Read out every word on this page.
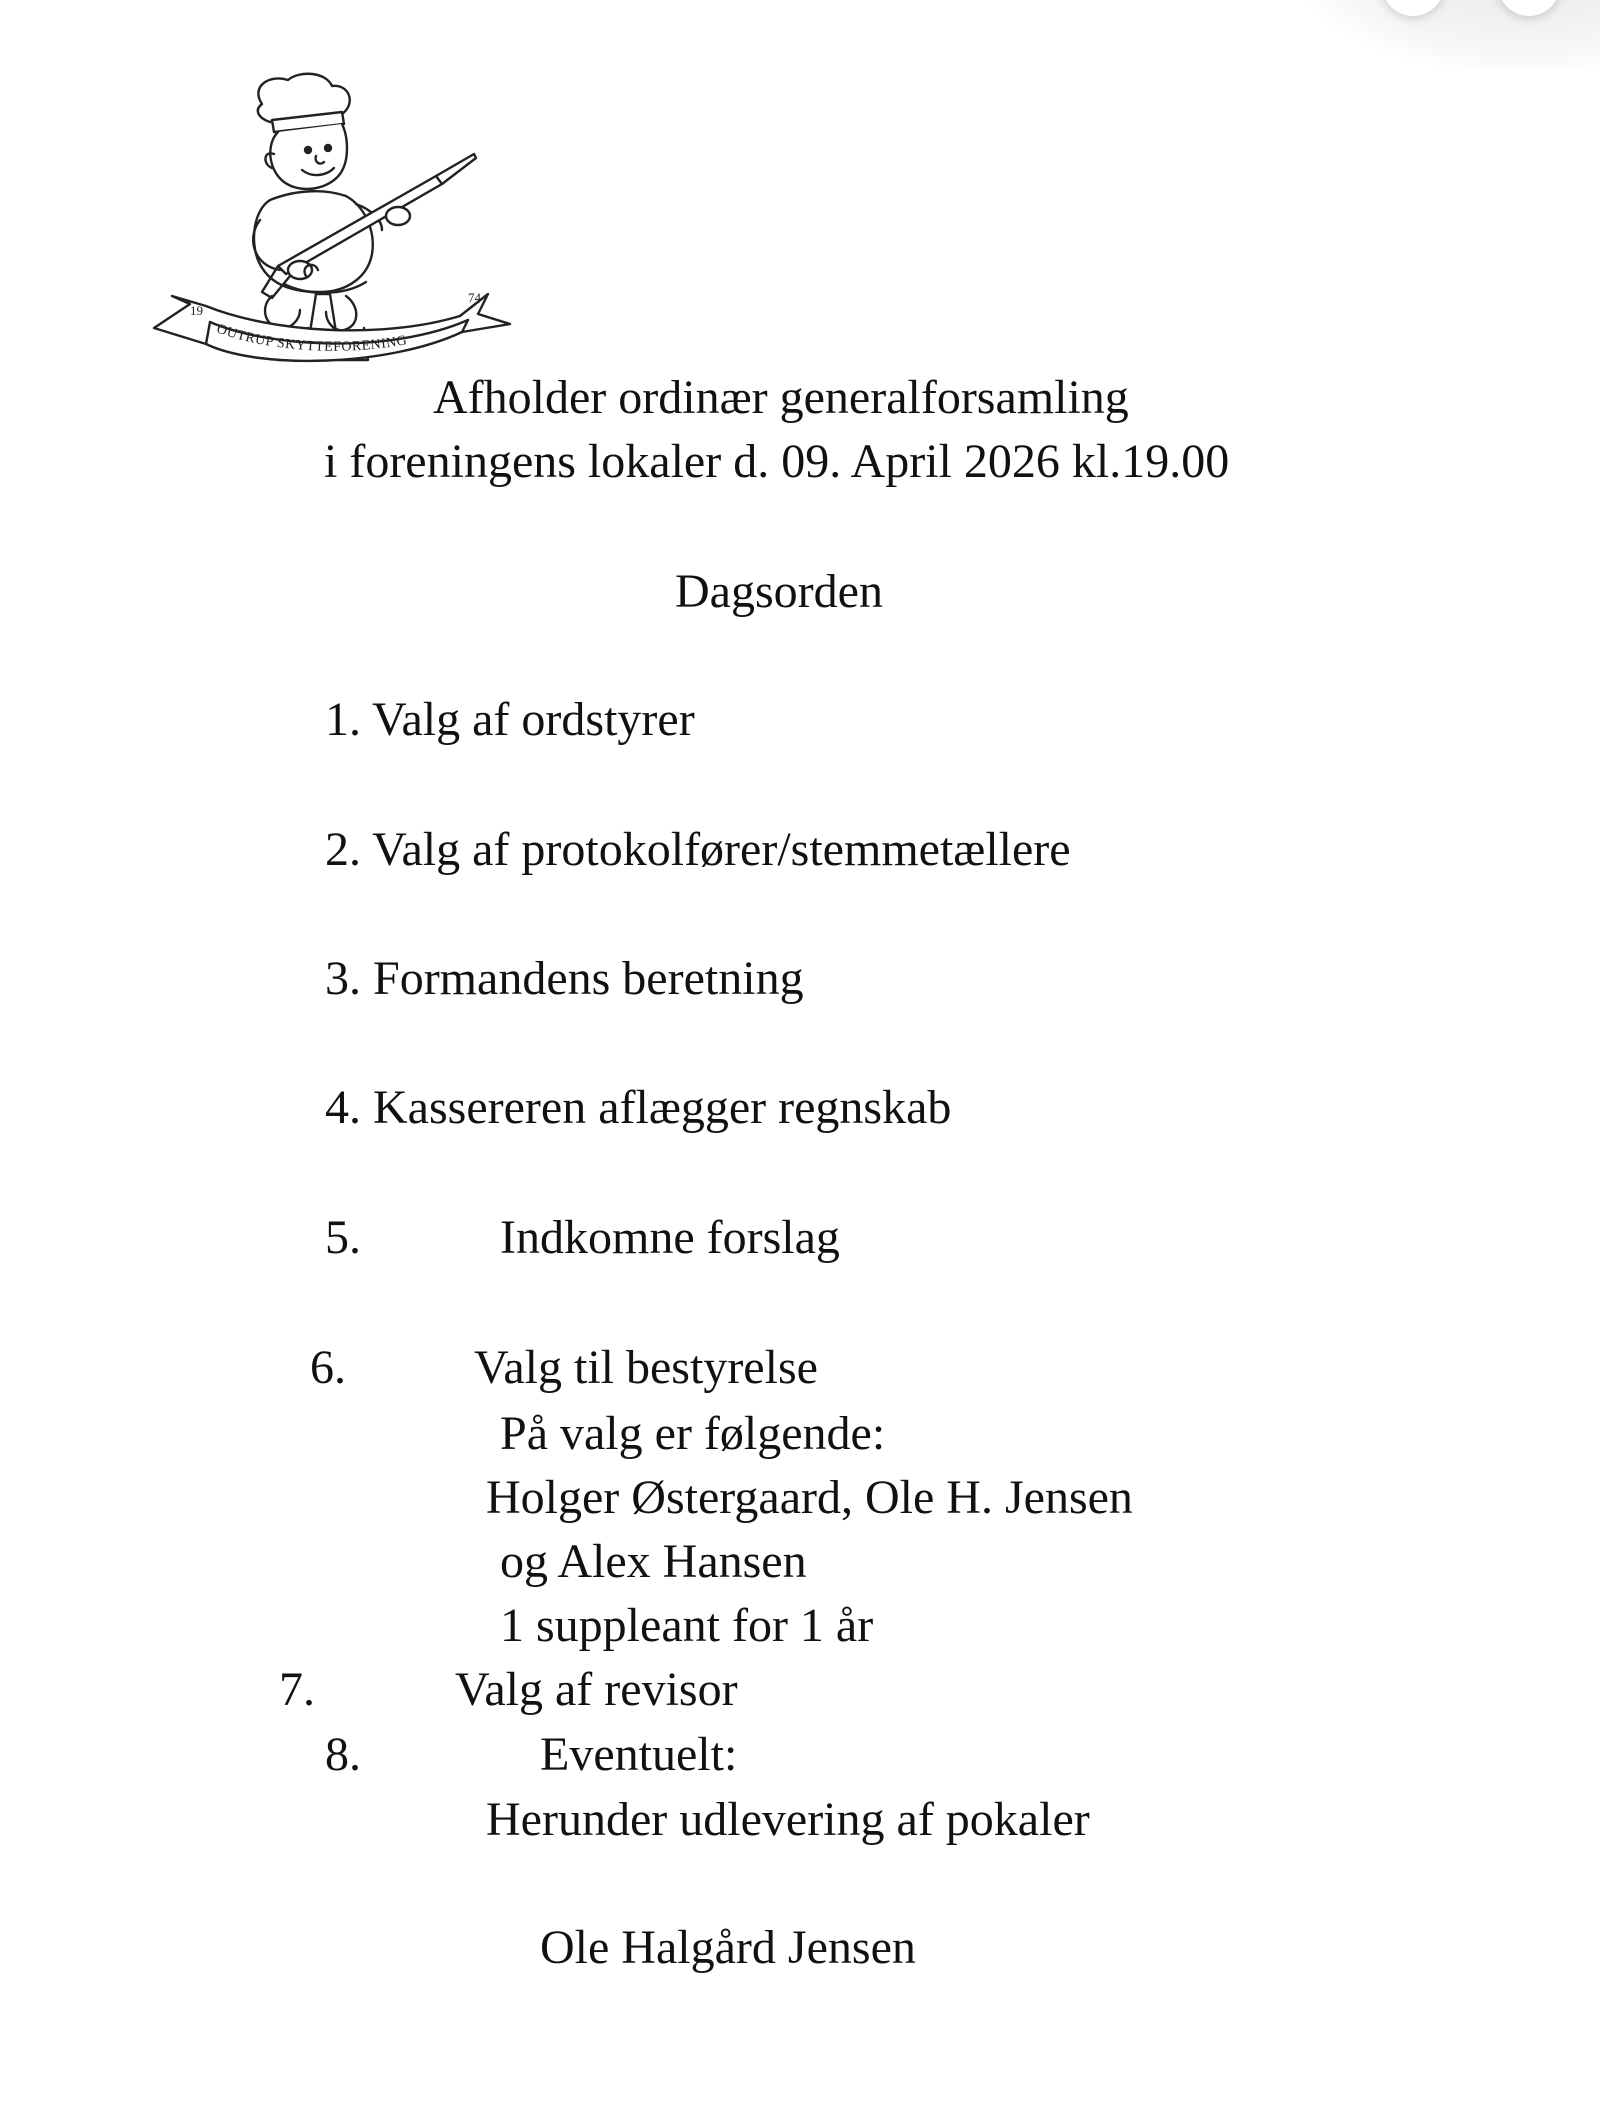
19
74
OUTRUP SKYTTEFORENING
Afholder ordinær generalforsamling
i foreningens lokaler d. 09. April 2026 kl.19.00
Dagsorden
1. Valg af ordstyrer
2. Valg af protokolfører/stemmetællere
3. Formandens beretning
4. Kassereren aflægger regnskab
5.	Indkomne forslag
6.	Valg til bestyrelse
På valg er følgende:
Holger Østergaard, Ole H. Jensen
og Alex Hansen
1 suppleant for 1 år
7.	Valg af revisor
8.	Eventuelt:
Herunder udlevering af pokaler
Ole Halgård Jensen
